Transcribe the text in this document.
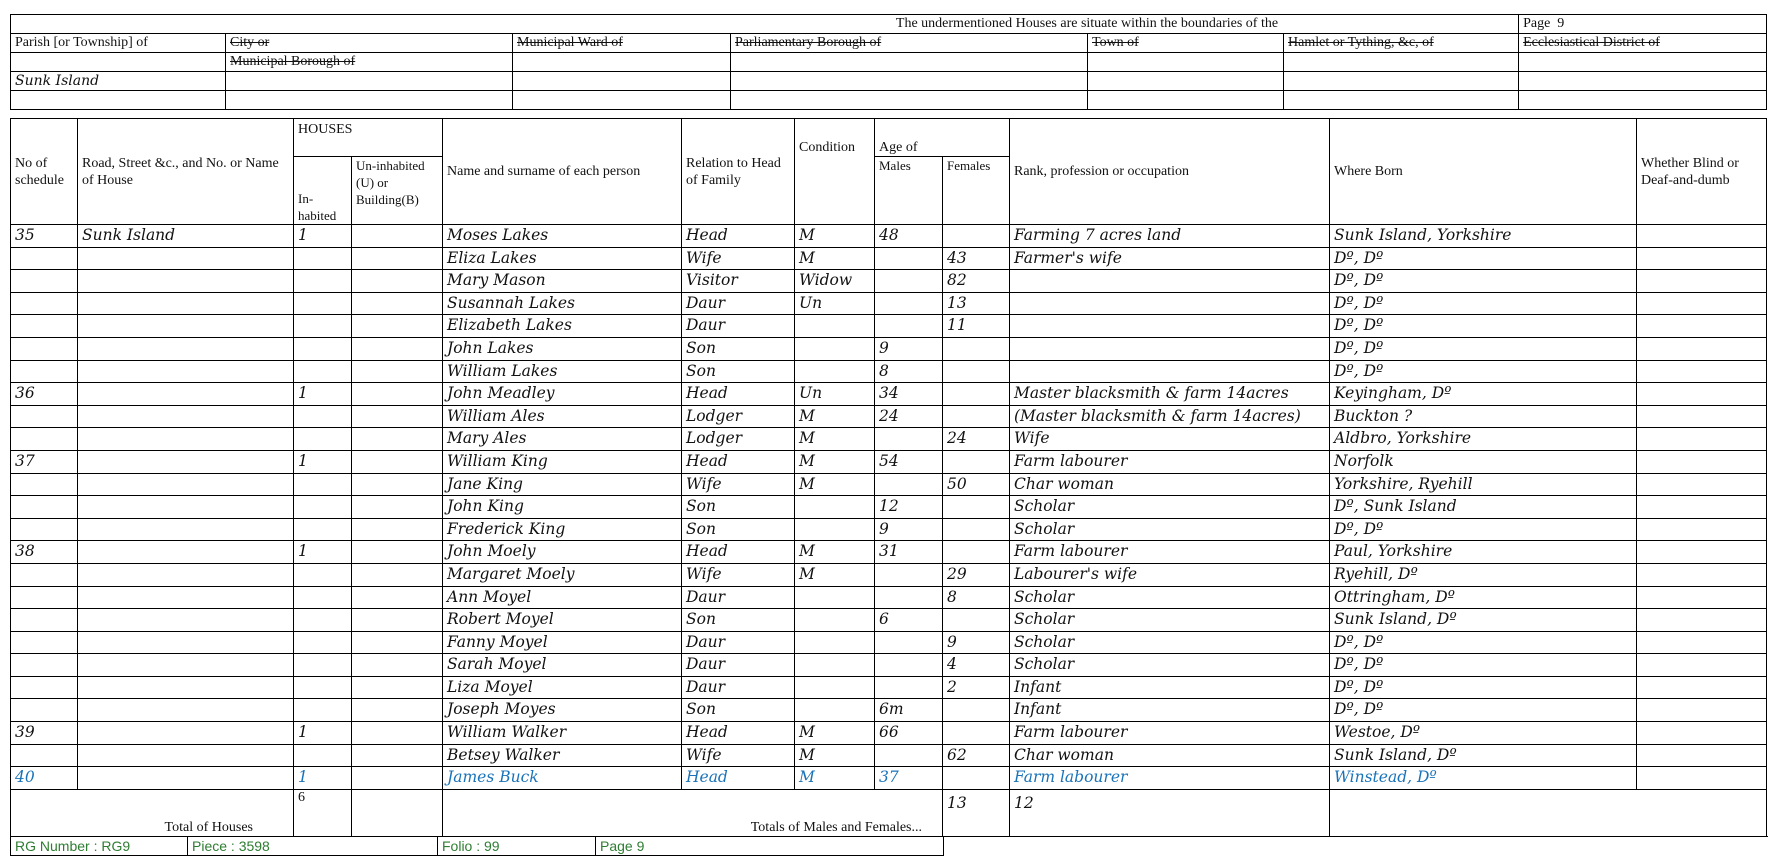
The undermentioned Houses are situate within the boundaries of the						Page 9
Parish [or Township] of	City or	Municipal Ward of	Parliamentary Borough of	Town of	Hamlet or Tything, &c, of	Ecclesiastical District of
	Municipal Borough of					
Sunk Island						

No of schedule	Road, Street &c., and No. or Name of House	HOUSES		Name and surname of each person	Relation to Head of Family	Condition	Age of		Rank, profession or occupation	Where Born	Whether Blind or Deaf-and-dumb
		In-habited	Un-inhabited (U) or Building(B)				Males	Females			
35	Sunk Island	1		Moses Lakes	Head	M	48		Farming 7 acres land	Sunk Island, Yorkshire	
				Eliza Lakes	Wife	M		43	Farmer's wife	Dº, Dº	
				Mary Mason	Visitor	Widow		82		Dº, Dº	
				Susannah Lakes	Daur	Un		13		Dº, Dº	
				Elizabeth Lakes	Daur			11		Dº, Dº	
				John Lakes	Son		9			Dº, Dº	
				William Lakes	Son		8			Dº, Dº	
36		1		John Meadley	Head	Un	34		Master blacksmith & farm 14acres	Keyingham, Dº	
				William Ales	Lodger	M	24		(Master blacksmith & farm 14acres)	Buckton ?	
				Mary Ales	Lodger	M		24	Wife	Aldbro, Yorkshire	
37		1		William King	Head	M	54		Farm labourer	Norfolk	
				Jane King	Wife	M		50	Char woman	Yorkshire, Ryehill	
				John King	Son		12		Scholar	Dº, Sunk Island	
				Frederick King	Son		9		Scholar	Dº, Dº	
38		1		John Moely	Head	M	31		Farm labourer	Paul, Yorkshire	
				Margaret Moely	Wife	M		29	Labourer's wife	Ryehill, Dº	
				Ann Moyel	Daur			8	Scholar	Ottringham, Dº	
				Robert Moyel	Son		6		Scholar	Sunk Island, Dº	
				Fanny Moyel	Daur			9	Scholar	Dº, Dº	
				Sarah Moyel	Daur			4	Scholar	Dº, Dº	
				Liza Moyel	Daur			2	Infant	Dº, Dº	
				Joseph Moyes	Son		6m		Infant	Dº, Dº	
39		1		William Walker	Head	M	66		Farm labourer	Westoe, Dº	
				Betsey Walker	Wife	M		62	Char woman	Sunk Island, Dº	
40		1		James Buck	Head	M	37		Farm labourer	Winstead, Dº	
Total of Houses		6		Totals of Males and Females...				13	12		
RG Number : RG9	Piece : 3598	Folio : 99	Page 9
